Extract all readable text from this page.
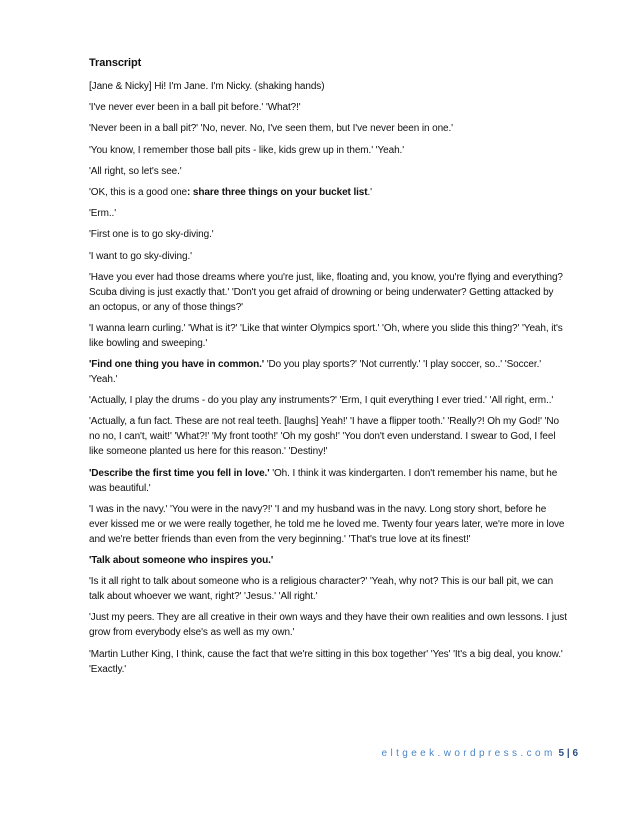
Transcript

[Jane & Nicky] Hi! I'm Jane. I'm Nicky. (shaking hands)

'I've never ever been in a ball pit before.' 'What?!'

'Never been in a ball pit?' 'No, never. No, I've seen them, but I've never been in one.'

'You know, I remember those ball pits - like, kids grew up in them.' 'Yeah.'

'All right, so let's see.'

'OK, this is a good one: share three things on your bucket list.'

'Erm..'

'First one is to go sky-diving.'

'I want to go sky-diving.'

'Have you ever had those dreams where you're just, like, floating and, you know, you're flying and everything? Scuba diving is just exactly that.' 'Don't you get afraid of drowning or being underwater? Getting attacked by an octopus, or any of those things?'

'I wanna learn curling.' 'What is it?' 'Like that winter Olympics sport.' 'Oh, where you slide this thing?' 'Yeah, it's like bowling and sweeping.'

'Find one thing you have in common.' 'Do you play sports?' 'Not currently.' 'I play soccer, so..' 'Soccer.' 'Yeah.'

'Actually, I play the drums - do you play any instruments?' 'Erm, I quit everything I ever tried.' 'All right, erm..'

'Actually, a fun fact. These are not real teeth. [laughs] Yeah!' 'I have a flipper tooth.' 'Really?! Oh my God!' 'No no no, I can't, wait!' 'What?!' 'My front tooth!' 'Oh my gosh!' 'You don't even understand. I swear to God, I feel like someone planted us here for this reason.' 'Destiny!'

'Describe the first time you fell in love.' 'Oh. I think it was kindergarten. I don't remember his name, but he was beautiful.'

'I was in the navy.' 'You were in the navy?!' 'I and my husband was in the navy. Long story short, before he ever kissed me or we were really together, he told me he loved me. Twenty four years later, we're more in love and we're better friends than even from the very beginning.' 'That's true love at its finest!'

'Talk about someone who inspires you.'

'Is it all right to talk about someone who is a religious character?' 'Yeah, why not? This is our ball pit, we can talk about whoever we want, right?' 'Jesus.' 'All right.'

'Just my peers. They are all creative in their own ways and they have their own realities and own lessons. I just grow from everybody else's as well as my own.'

'Martin Luther King, I think, cause the fact that we're sitting in this box together' 'Yes' 'It's a big deal, you know.' 'Exactly.'

eltgeek.wordpress.com 5 | 6
